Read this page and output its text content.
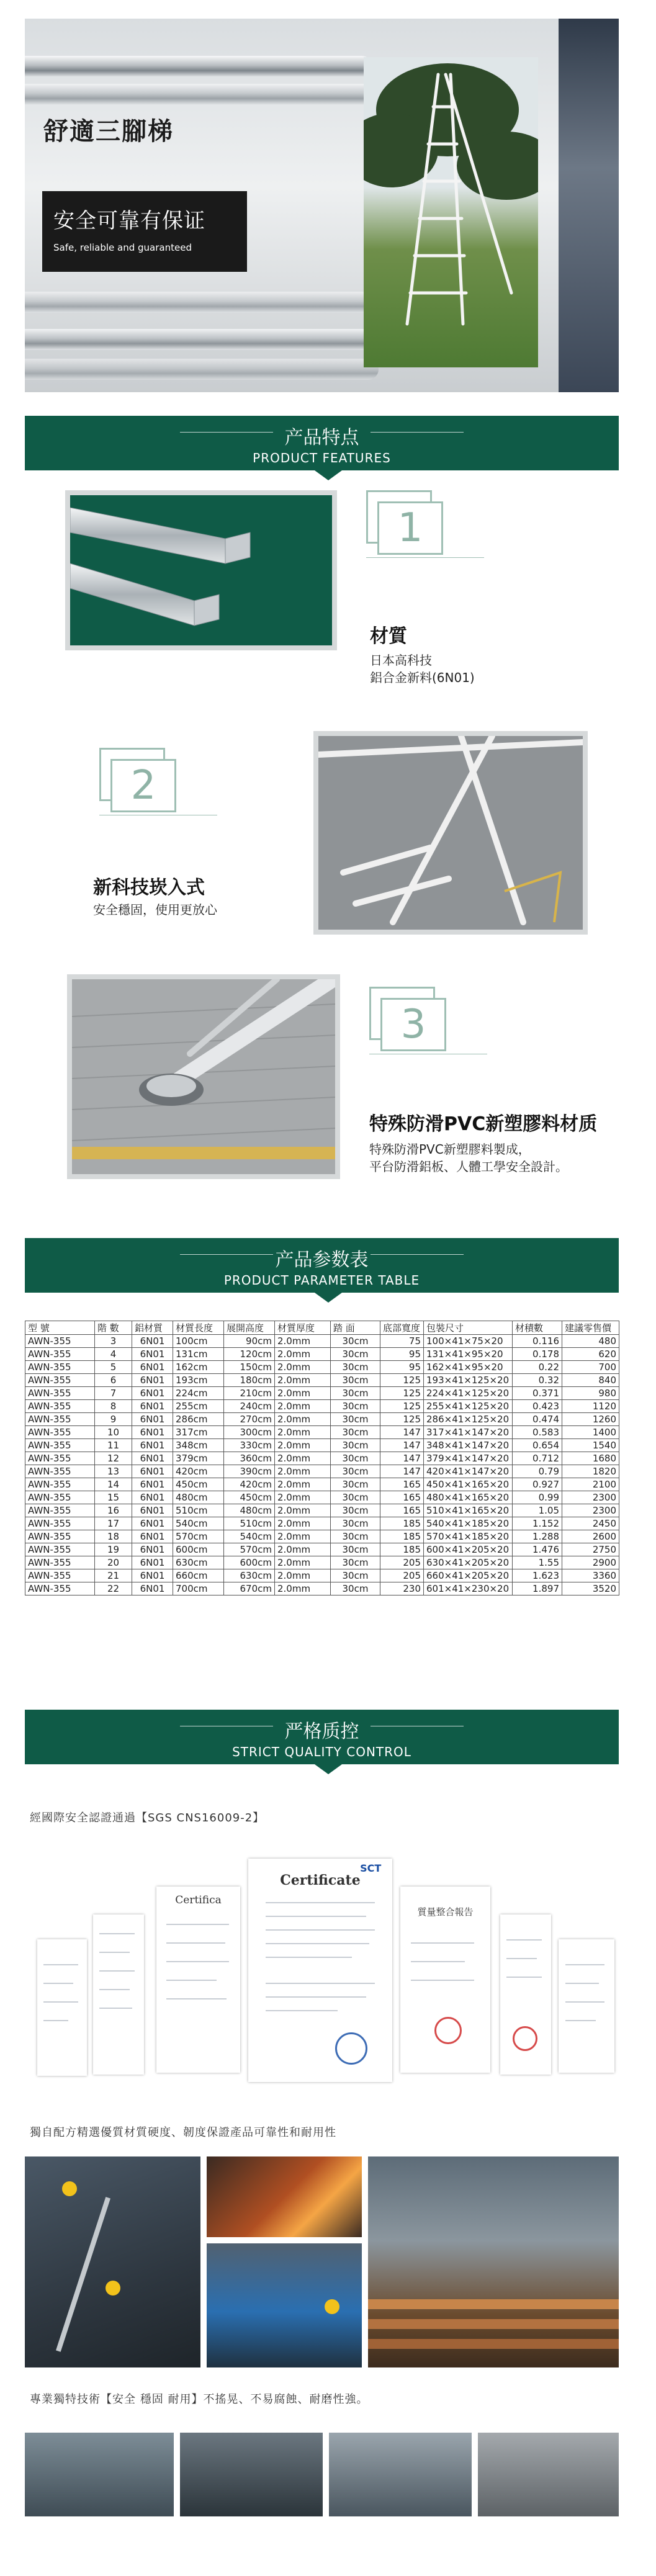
舒適三腳梯
安全可靠有保证
Safe, reliable and guaranteed
产品特点
PRODUCT FEATURES
1
材質
日本高科技
鋁合金新料(6N01)
2
新科技崁入式
安全穩固，使用更放心
3
特殊防滑PVC新塑膠料材质
特殊防滑PVC新塑膠料製成，
平台防滑鋁板、人體工學安全設計。
产品参数表
PRODUCT PARAMETER TABLE
型 號	階 數	鋁材質	材質長度	展開高度	材質厚度	踏 面	底部寬度	包裝尺寸	材積數	建議零售價
AWN-355	3	6N01	100cm	90cm	2.0mm	30cm	75	100×41×75×20	0.116	480
AWN-355	4	6N01	131cm	120cm	2.0mm	30cm	95	131×41×95×20	0.178	620
AWN-355	5	6N01	162cm	150cm	2.0mm	30cm	95	162×41×95×20	0.22	700
AWN-355	6	6N01	193cm	180cm	2.0mm	30cm	125	193×41×125×20	0.32	840
AWN-355	7	6N01	224cm	210cm	2.0mm	30cm	125	224×41×125×20	0.371	980
AWN-355	8	6N01	255cm	240cm	2.0mm	30cm	125	255×41×125×20	0.423	1120
AWN-355	9	6N01	286cm	270cm	2.0mm	30cm	125	286×41×125×20	0.474	1260
AWN-355	10	6N01	317cm	300cm	2.0mm	30cm	147	317×41×147×20	0.583	1400
AWN-355	11	6N01	348cm	330cm	2.0mm	30cm	147	348×41×147×20	0.654	1540
AWN-355	12	6N01	379cm	360cm	2.0mm	30cm	147	379×41×147×20	0.712	1680
AWN-355	13	6N01	420cm	390cm	2.0mm	30cm	147	420×41×147×20	0.79	1820
AWN-355	14	6N01	450cm	420cm	2.0mm	30cm	165	450×41×165×20	0.927	2100
AWN-355	15	6N01	480cm	450cm	2.0mm	30cm	165	480×41×165×20	0.99	2300
AWN-355	16	6N01	510cm	480cm	2.0mm	30cm	165	510×41×165×20	1.05	2300
AWN-355	17	6N01	540cm	510cm	2.0mm	30cm	185	540×41×185×20	1.152	2450
AWN-355	18	6N01	570cm	540cm	2.0mm	30cm	185	570×41×185×20	1.288	2600
AWN-355	19	6N01	600cm	570cm	2.0mm	30cm	185	600×41×205×20	1.476	2750
AWN-355	20	6N01	630cm	600cm	2.0mm	30cm	205	630×41×205×20	1.55	2900
AWN-355	21	6N01	660cm	630cm	2.0mm	30cm	205	660×41×205×20	1.623	3360
AWN-355	22	6N01	700cm	670cm	2.0mm	30cm	230	601×41×230×20	1.897	3520
严格质控
STRICT QUALITY CONTROL
經國際安全認證通過【SGS CNS16009-2】
Certifica
SCT
Certificate
質量整合報告
獨自配方精選優質材質硬度、韌度保證產品可靠性和耐用性
專業獨特技術【安全 穩固 耐用】不搖晃、不易腐蝕、耐磨性強。
